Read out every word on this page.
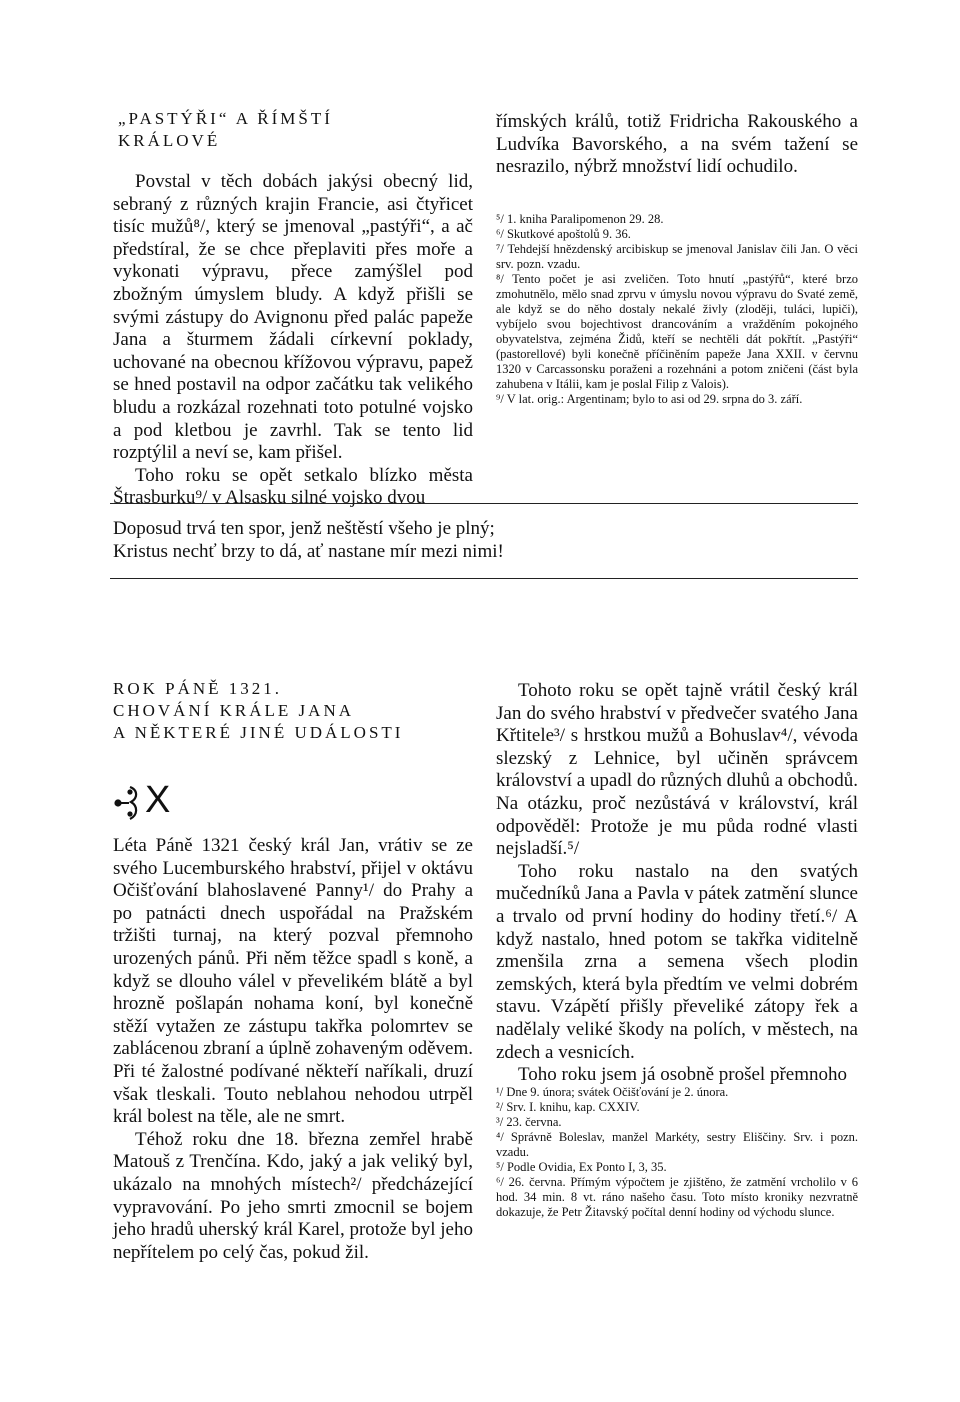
„PASTÝŘI“ A ŘÍMŠTÍ
KRÁLOVÉ

Povstal v těch dobách jakýsi obecný lid, sebraný z různých krajin Francie, asi čtyřicet tisíc mužů⁸/, který se jmenoval „pastýři“, a ač předstíral, že se chce přeplaviti přes moře a vykonati výpravu, přece zamýšlel pod zbožným úmyslem bludy. A když přišli se svými zástupy do Avignonu před palác papeže Jana a šturmem žádali církevní poklady, uchované na obecnou křížovou výpravu, papež se hned postavil na odpor začátku tak velikého bludu a rozkázal rozehnati toto potulné vojsko a pod kletbou je zavrhl. Tak se tento lid rozptýlil a neví se, kam přišel.

Toho roku se opět setkalo blízko města Štrasburku⁹/ v Alsasku silné vojsko dvou

římských králů, totiž Fridricha Rakouského a Ludvíka Bavorského, a na svém tažení se nesrazilo, nýbrž množství lidí ochudilo.

⁵/ 1. kniha Paralipomenon 29. 28.

⁶/ Skutkové apoštolů 9. 36.

⁷/ Tehdejší hnězdenský arcibiskup se jmenoval Janislav čili Jan. O věci srv. pozn. vzadu.

⁸/ Tento počet je asi zveličen. Toto hnutí „pastýřů“, které brzo zmohutnělo, mělo snad zprvu v úmyslu novou výpravu do Svaté země, ale když se do něho dostaly nekalé živly (zloději, tuláci, lupiči), vybíjelo svou bojechtivost drancováním a vražděním pokojného obyvatelstva, zejména Židů, kteří se nechtěli dát pokřtít. „Pastýři“ (pastorellové) byli konečně příčiněním papeže Jana XXII. v červnu 1320 v Carcassonsku poraženi a rozehnáni a potom zničeni (část byla zahubena v Itálii, kam je poslal Filip z Valois).

⁹/ V lat. orig.: Argentinam; bylo to asi od 29. srpna do 3. září.

Doposud trvá ten spor, jenž neštěstí všeho je plný;

Kristus nechť brzy to dá, ať nastane mír mezi nimi!

ROK PÁNĚ 1321.
CHOVÁNÍ KRÁLE JANA
A NĚKTERÉ JINÉ UDÁLOSTI
X

Léta Páně 1321 český král Jan, vrátiv se ze svého Lucemburského hrabství, přijel v oktávu Očišťování blahoslavené Panny¹/ do Prahy a po patnácti dnech uspořádal na Pražském tržišti turnaj, na který pozval přemnoho urozených pánů. Při něm těžce spadl s koně, a když se dlouho válel v převelikém blátě a byl hrozně pošlapán nohama koní, byl konečně stěží vytažen ze zástupu takřka polomrtev se zablácenou zbraní a úplně zohaveným oděvem. Při té žalostné podívané někteří naříkali, druzí však tleskali. Touto neblahou nehodou utrpěl král bolest na těle, ale ne smrt.

Téhož roku dne 18. března zemřel hrabě Matouš z Trenčína. Kdo, jaký a jak veliký byl, ukázalo na mnohých místech²/ předcházející vypravování. Po jeho smrti zmocnil se bojem jeho hradů uherský král Karel, protože byl jeho nepřítelem po celý čas, pokud žil.

Tohoto roku se opět tajně vrátil český král Jan do svého hrabství v předvečer svatého Jana Křtitele³/ s hrstkou mužů a Bohuslav⁴/, vévoda slezský z Lehnice, byl učiněn správcem království a upadl do různých dluhů a obchodů. Na otázku, proč nezůstává v království, král odpověděl: Protože je mu půda rodné vlasti nejsladší.⁵/

Toho roku nastalo na den svatých mučedníků Jana a Pavla v pátek zatmění slunce a trvalo od první hodiny do hodiny třetí.⁶/ A když nastalo, hned potom se takřka viditelně zmenšila zrna a semena všech plodin zemských, která byla předtím ve velmi dobrém stavu. Vzápětí přišly převeliké zátopy řek a nadělaly veliké škody na polích, v městech, na zdech a vesnicích.

Toho roku jsem já osobně prošel přemnoho

¹/ Dne 9. února; svátek Očišťování je 2. února.

²/ Srv. I. knihu, kap. CXXIV.

³/ 23. června.

⁴/ Správně Boleslav, manžel Markéty, sestry Eliščiny. Srv. i pozn. vzadu.

⁵/ Podle Ovidia, Ex Ponto I, 3, 35.

⁶/ 26. června. Přímým výpočtem je zjištěno, že zatmění vrcholilo v 6 hod. 34 min. 8 vt. ráno našeho času. Toto místo kroniky nezvratně dokazuje, že Petr Žitavský počítal denní hodiny od východu slunce.
